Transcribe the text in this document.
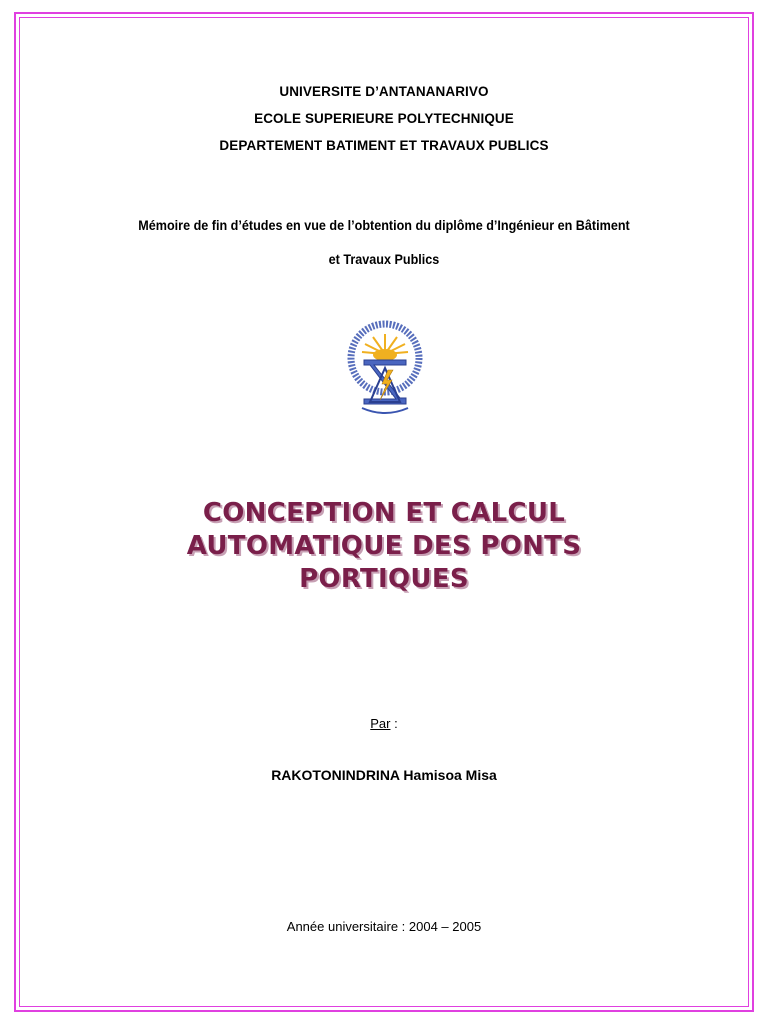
UNIVERSITE D’ANTANANARIVO
ECOLE SUPERIEURE POLYTECHNIQUE
DEPARTEMENT BATIMENT ET TRAVAUX PUBLICS
Mémoire de fin d’études en vue de l’obtention du diplôme d’Ingénieur en Bâtiment
et Travaux Publics
CONCEPTION ET CALCUL
AUTOMATIQUE DES PONTS
PORTIQUES
Par :
RAKOTONINDRINA Hamisoa Misa
Année universitaire : 2004 – 2005
